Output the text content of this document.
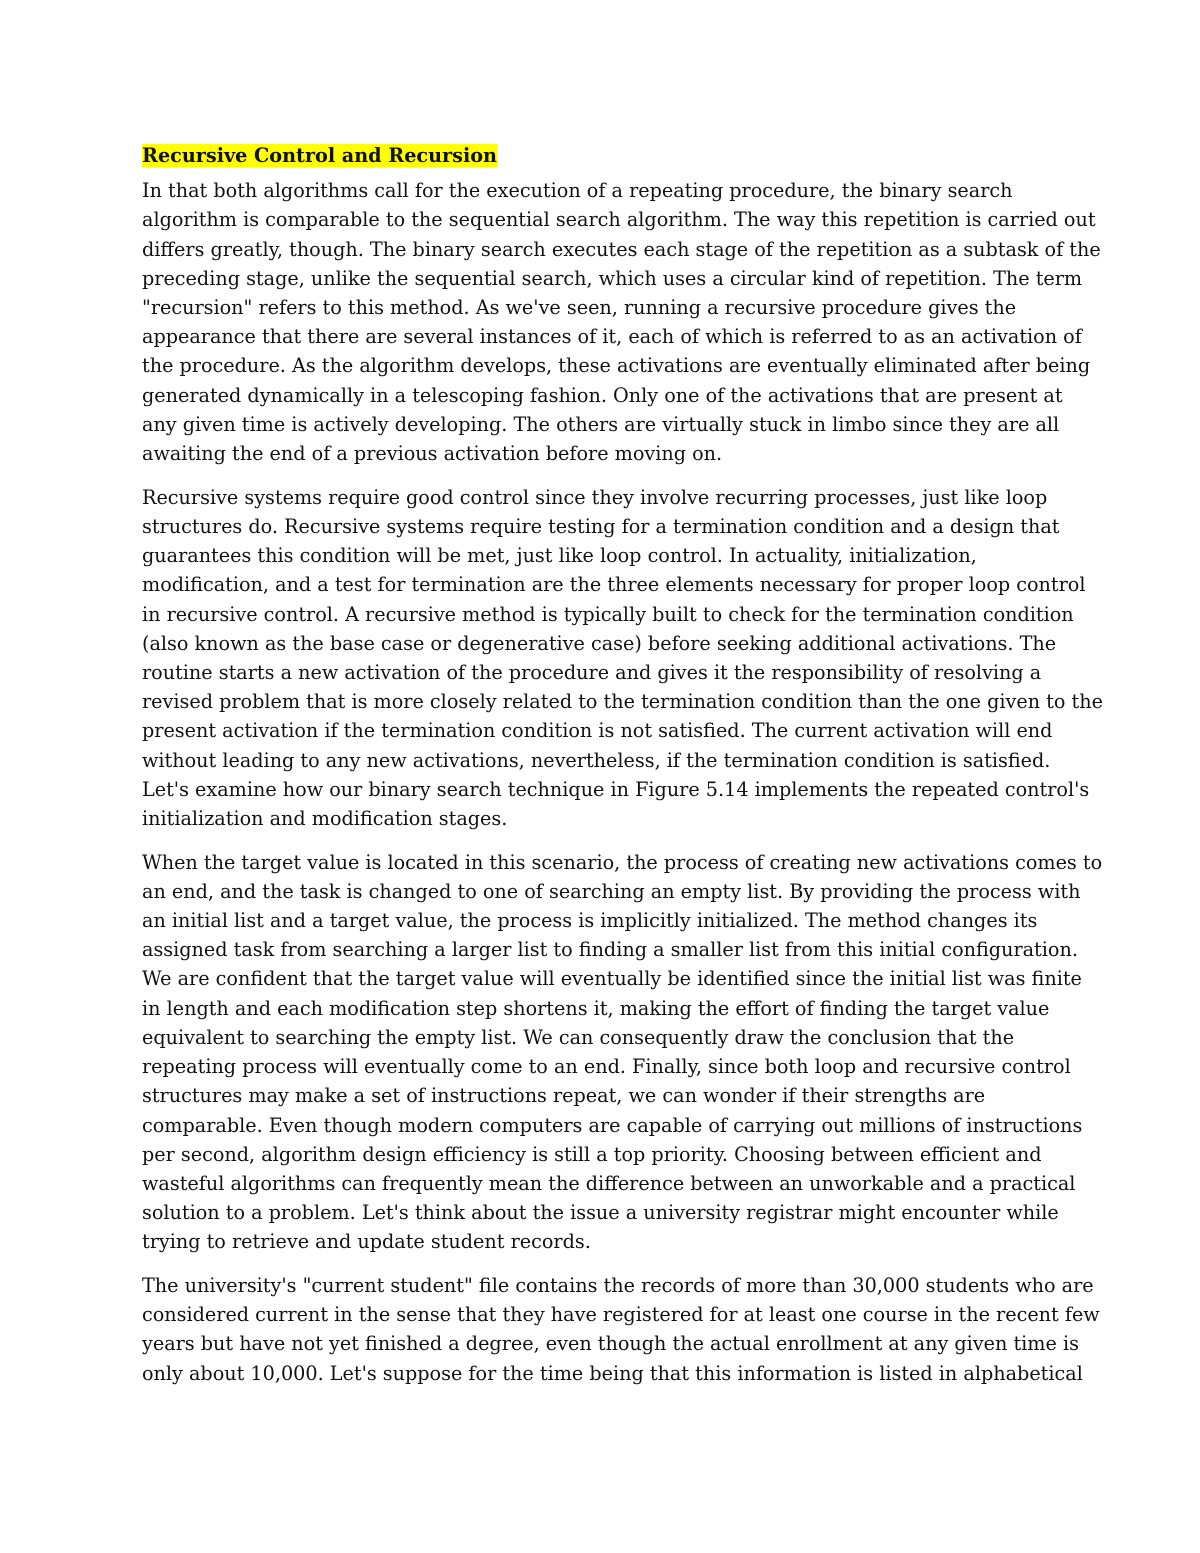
Recursive Control and Recursion
In that both algorithms call for the execution of a repeating procedure, the binary search
algorithm is comparable to the sequential search algorithm. The way this repetition is carried out
differs greatly, though. The binary search executes each stage of the repetition as a subtask of the
preceding stage, unlike the sequential search, which uses a circular kind of repetition. The term
"recursion" refers to this method. As we've seen, running a recursive procedure gives the
appearance that there are several instances of it, each of which is referred to as an activation of
the procedure. As the algorithm develops, these activations are eventually eliminated after being
generated dynamically in a telescoping fashion. Only one of the activations that are present at
any given time is actively developing. The others are virtually stuck in limbo since they are all
awaiting the end of a previous activation before moving on.
Recursive systems require good control since they involve recurring processes, just like loop
structures do. Recursive systems require testing for a termination condition and a design that
guarantees this condition will be met, just like loop control. In actuality, initialization,
modification, and a test for termination are the three elements necessary for proper loop control
in recursive control. A recursive method is typically built to check for the termination condition
(also known as the base case or degenerative case) before seeking additional activations. The
routine starts a new activation of the procedure and gives it the responsibility of resolving a
revised problem that is more closely related to the termination condition than the one given to the
present activation if the termination condition is not satisfied. The current activation will end
without leading to any new activations, nevertheless, if the termination condition is satisfied.
Let's examine how our binary search technique in Figure 5.14 implements the repeated control's
initialization and modification stages.
When the target value is located in this scenario, the process of creating new activations comes to
an end, and the task is changed to one of searching an empty list. By providing the process with
an initial list and a target value, the process is implicitly initialized. The method changes its
assigned task from searching a larger list to finding a smaller list from this initial configuration.
We are confident that the target value will eventually be identified since the initial list was finite
in length and each modification step shortens it, making the effort of finding the target value
equivalent to searching the empty list. We can consequently draw the conclusion that the
repeating process will eventually come to an end. Finally, since both loop and recursive control
structures may make a set of instructions repeat, we can wonder if their strengths are
comparable. Even though modern computers are capable of carrying out millions of instructions
per second, algorithm design efficiency is still a top priority. Choosing between efficient and
wasteful algorithms can frequently mean the difference between an unworkable and a practical
solution to a problem. Let's think about the issue a university registrar might encounter while
trying to retrieve and update student records.
The university's "current student" file contains the records of more than 30,000 students who are
considered current in the sense that they have registered for at least one course in the recent few
years but have not yet finished a degree, even though the actual enrollment at any given time is
only about 10,000. Let's suppose for the time being that this information is listed in alphabetical
